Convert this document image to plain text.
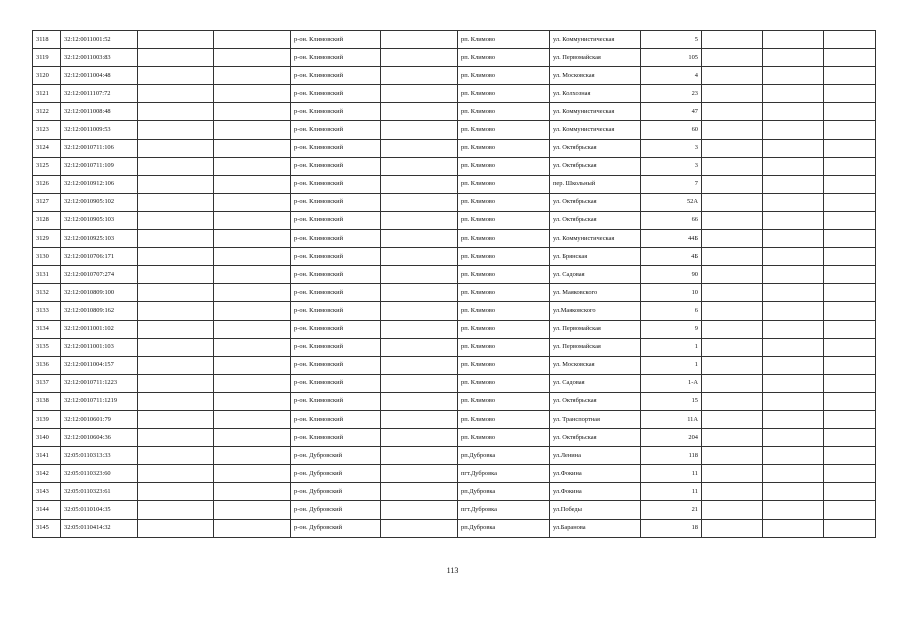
3118	32:12:0011001:52			р-он. Климовский		рп. Климово	ул. Коммунистическая	5			
3119	32:12:0011003:83			р-он. Климовский		рп. Климово	ул. Первомайская	105			
3120	32:12:0011004:48			р-он. Климовский		рп. Климово	ул. Московская	4			
3121	32:12:0011107:72			р-он. Климовский		рп. Климово	ул. Колхозная	23			
3122	32:12:0011008:48			р-он. Климовский		рп. Климово	ул. Коммунистическая	47			
3123	32:12:0011009:53			р-он. Климовский		рп. Климово	ул. Коммунистическая	60			
3124	32:12:0010711:106			р-он. Климовский		рп. Климово	ул. Октябрьская	3			
3125	32:12:0010711:109			р-он. Климовский		рп. Климово	ул. Октябрьская	3			
3126	32:12:0010912:106			р-он. Климовский		рп. Климово	пер. Школьный	7			
3127	32:12:0010905:102			р-он. Климовский		рп. Климово	ул. Октябрьская	52А			
3128	32:12:0010905:103			р-он. Климовский		рп. Климово	ул. Октябрьская	66			
3129	32:12:0010925:103			р-он. Климовский		рп. Климово	ул. Коммунистическая	44Б			
3130	32:12:0010706:171			р-он. Климовский		рп. Климово	ул. Брянская	4Б			
3131	32:12:0010707:274			р-он. Климовский		рп. Климово	ул. Садовая	90			
3132	32:12:0010809:100			р-он. Климовский		рп. Климово	ул. Маяковского	10			
3133	32:12:0010809:162			р-он. Климовский		рп. Климово	ул.Маяковского	6			
3134	32:12:0011001:102			р-он. Климовский		рп. Климово	ул. Первомайская	9			
3135	32:12:0011001:103			р-он. Климовский		рп. Климово	ул. Первомайская	1			
3136	32:12:0011004:157			р-он. Климовский		рп. Климово	ул. Московская	1			
3137	32:12:0010711:1223			р-он. Климовский		рп. Климово	ул. Садовая	1-А			
3138	32:12:0010711:1219			р-он. Климовский		рп. Климово	ул. Октябрьская	15			
3139	32:12:0010601:79			р-он. Климовский		рп. Климово	ул. Транспортная	11А			
3140	32:12:0010604:36			р-он. Климовский		рп. Климово	ул. Октябрьская	204			
3141	32:05:0110313:33			р-он. Дубровский		рп.Дубровка	ул.Ленина	118			
3142	32:05:0110323:60			р-он. Дубровский		пгт.Дубровка	ул.Фокина	11			
3143	32:05:0110323:61			р-он. Дубровский		рп.Дубровка	ул.Фокина	11			
3144	32:05:0110104:35			р-он. Дубровский		пгт.Дубровка	ул.Победы	21			
3145	32:05:0110414:32			р-он. Дубровский		рп.Дубровка	ул.Баранова	18			
113
